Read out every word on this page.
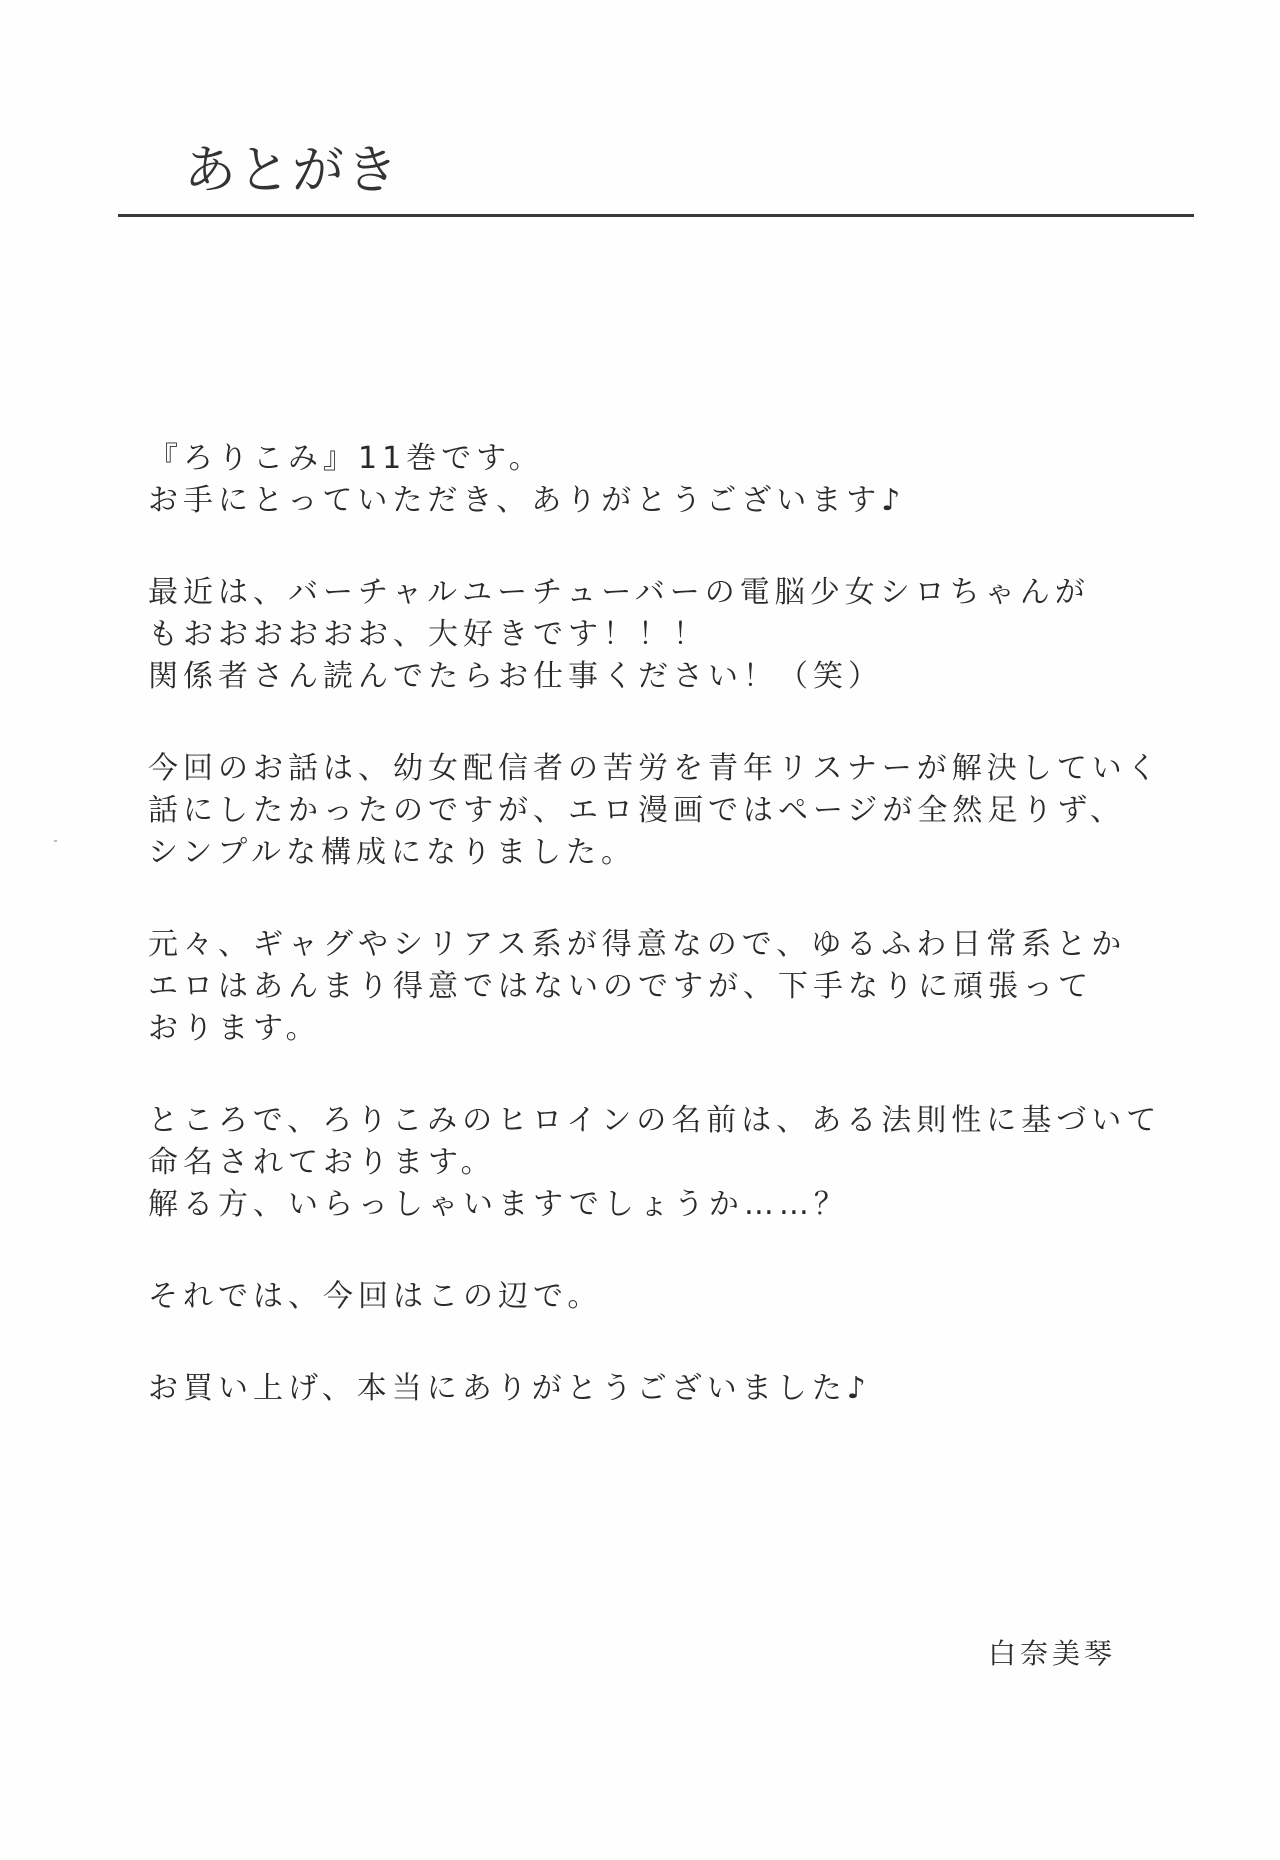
あとがき
『ろりこみ』11巻です。
お手にとっていただき、ありがとうございます♪
最近は、バーチャルユーチューバーの電脳少女シロちゃんが
もおおおおおお、大好きです！！！
関係者さん読んでたらお仕事ください！（笑）
今回のお話は、幼女配信者の苦労を青年リスナーが解決していく
話にしたかったのですが、エロ漫画ではページが全然足りず、
シンプルな構成になりました。
元々、ギャグやシリアス系が得意なので、ゆるふわ日常系とか
エロはあんまり得意ではないのですが、下手なりに頑張って
おります。
ところで、ろりこみのヒロインの名前は、ある法則性に基づいて
命名されております。
解る方、いらっしゃいますでしょうか……？
それでは、今回はこの辺で。
お買い上げ、本当にありがとうございました♪
白奈美琴
